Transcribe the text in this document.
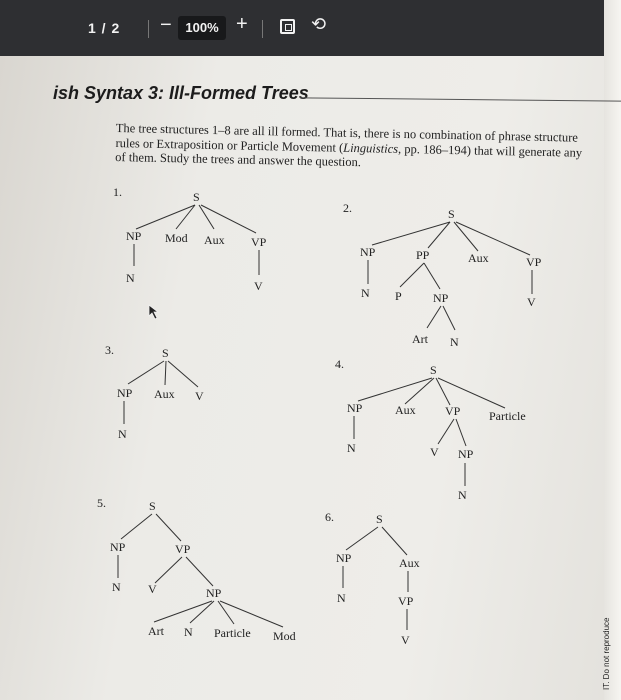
1 / 2 −	100% +	⟲
ish Syntax 3: Ill-Formed Trees
The tree structures 1–8 are all ill formed. That is, there is no combination of phrase structure rules or Extraposition or Particle Movement (Linguistics, pp. 186–194) that will generate any of them. Study the trees and answer the question.
1.	S
NP Mod Aux VP
N
V
2.	S
NP	PP	Aux	VP
N P	NP	V
Art N
3.	S
NP Aux V
N
4.	S
NP	Aux VP Particle
N	V NP
N
5.	S
NP	VP
N V	NP
Art N Particle Mod
6.	S
NP	Aux
N	VP
V	IT. Do not reproduce
